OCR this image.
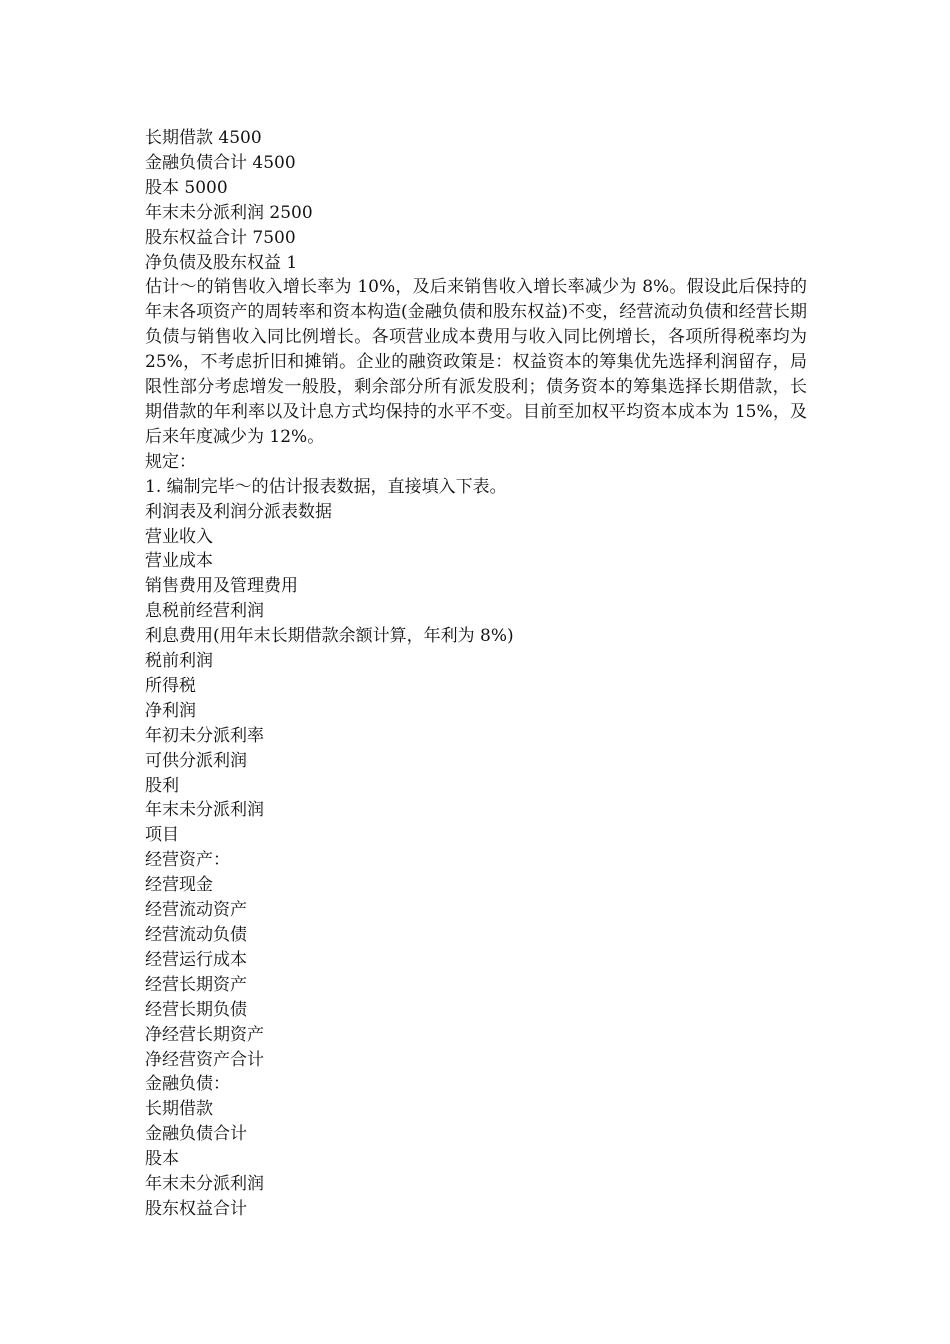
长期借款 4500
金融负债合计 4500
股本 5000
年末未分派利润 2500
股东权益合计 7500
净负债及股东权益 1
估计～的销售收入增长率为 10%，及后来销售收入增长率减少为 8%。假设此后保持的年末各项资产的周转率和资本构造(金融负债和股东权益)不变，经营流动负债和经营长期负债与销售收入同比例增长。各项营业成本费用与收入同比例增长，各项所得税率均为 25%，不考虑折旧和摊销。企业的融资政策是：权益资本的筹集优先选择利润留存，局限性部分考虑增发一般股，剩余部分所有派发股利；债务资本的筹集选择长期借款，长期借款的年利率以及计息方式均保持的水平不变。目前至加权平均资本成本为 15%，及后来年度减少为 12%。
规定：
1. 编制完毕～的估计报表数据，直接填入下表。
利润表及利润分派表数据
营业收入
营业成本
销售费用及管理费用
息税前经营利润
利息费用(用年末长期借款余额计算，年利为 8%)
税前利润
所得税
净利润
年初未分派利率
可供分派利润
股利
年末未分派利润
项目
经营资产：
经营现金
经营流动资产
经营流动负债
经营运行成本
经营长期资产
经营长期负债
净经营长期资产
净经营资产合计
金融负债：
长期借款
金融负债合计
股本
年末未分派利润
股东权益合计
